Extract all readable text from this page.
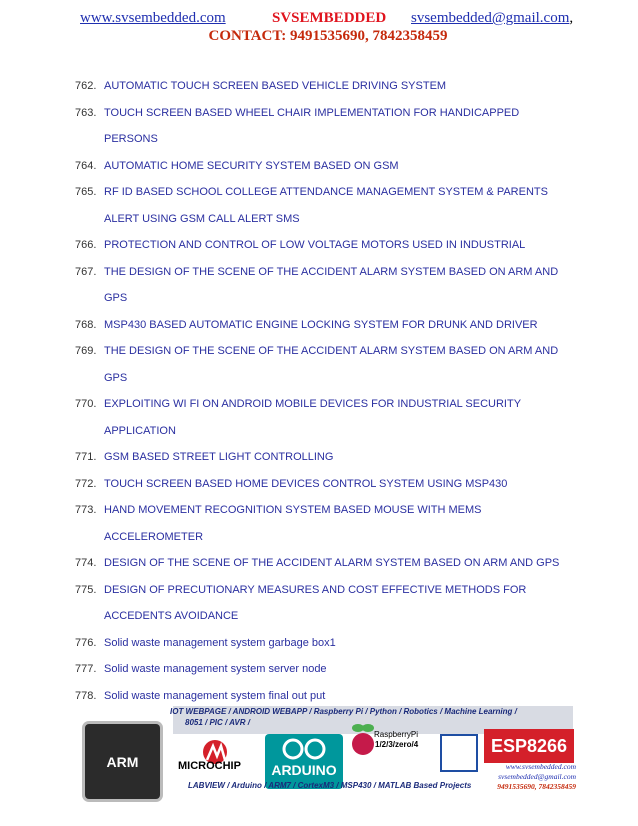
www.svsembedded.com	SVSEMBEDDED svsembedded@gmail.com,
CONTACT: 9491535690, 7842358459
762. AUTOMATIC TOUCH SCREEN BASED VEHICLE DRIVING SYSTEM
763. TOUCH SCREEN BASED WHEEL CHAIR IMPLEMENTATION FOR HANDICAPPED
PERSONS
764. AUTOMATIC HOME SECURITY SYSTEM BASED ON GSM
765. RF ID BASED SCHOOL COLLEGE ATTENDANCE MANAGEMENT SYSTEM & PARENTS
ALERT USING GSM CALL ALERT SMS
766. PROTECTION AND CONTROL OF LOW VOLTAGE MOTORS USED IN INDUSTRIAL
767. THE DESIGN OF THE SCENE OF THE ACCIDENT ALARM SYSTEM BASED ON ARM AND
GPS
768. MSP430 BASED AUTOMATIC ENGINE LOCKING SYSTEM FOR DRUNK AND DRIVER
769. THE DESIGN OF THE SCENE OF THE ACCIDENT ALARM SYSTEM BASED ON ARM AND
GPS
770. EXPLOITING WI FI ON ANDROID MOBILE DEVICES FOR INDUSTRIAL SECURITY
APPLICATION
771. GSM BASED STREET LIGHT CONTROLLING
772. TOUCH SCREEN BASED HOME DEVICES CONTROL SYSTEM USING MSP430
773. HAND MOVEMENT RECOGNITION SYSTEM BASED MOUSE WITH MEMS
ACCELEROMETER
774. DESIGN OF THE SCENE OF THE ACCIDENT ALARM SYSTEM BASED ON ARM AND GPS
775. DESIGN OF PRECUTIONARY MEASURES AND COST EFFECTIVE METHODS FOR
ACCEDENTS AVOIDANCE
776. Solid waste management system garbage box1
777. Solid waste management system server node
778. Solid waste management system final out put
IOT WEBPAGE / ANDROID WEBAPP / Raspberry Pi / Python / Robotics / Machine Learning /
8051 / PIC / AVR /
ARM	MICROCHIP	ARDUINO
RaspberryPi
1/2/3/zero/4	ESP8266
www.svsembedded.com
svsembedded@gmail.com
9491535690, 7842358459
LABVIEW / Arduino / ARM7 / CortexM3 / MSP430 / MATLAB Based Projects
